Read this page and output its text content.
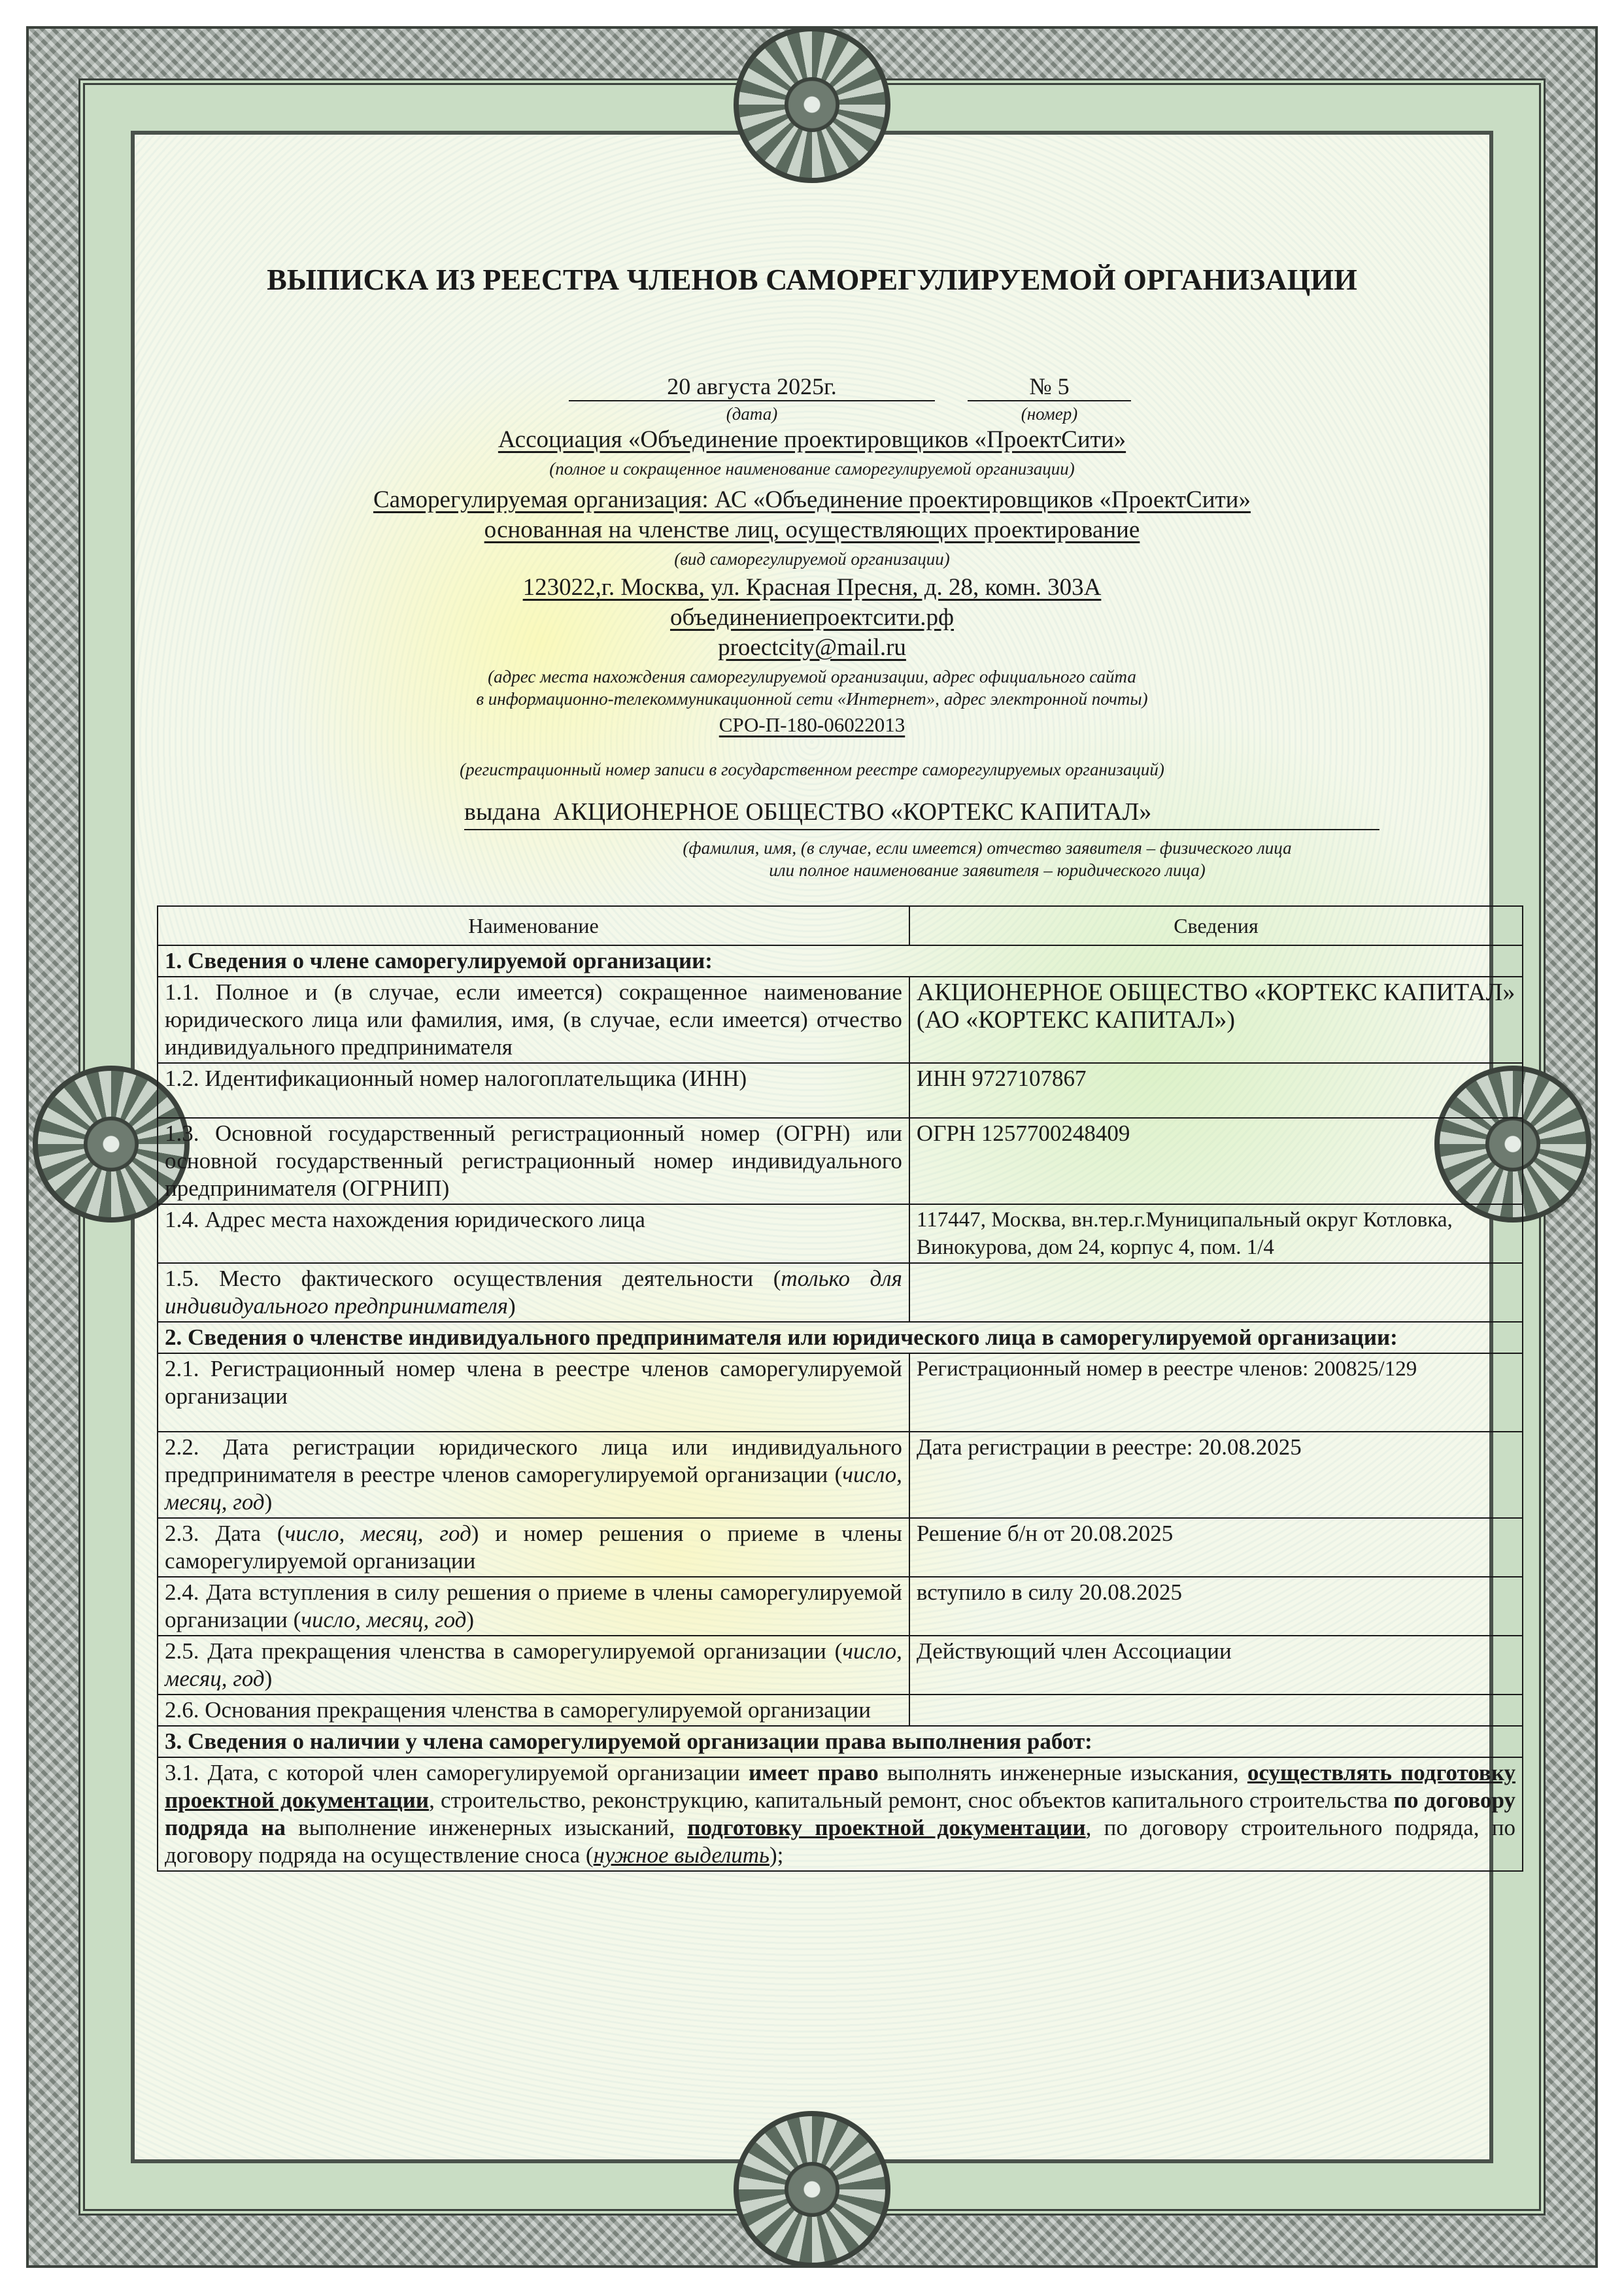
ВЫПИСКА ИЗ РЕЕСТРА ЧЛЕНОВ САМОРЕГУЛИРУЕМОЙ ОРГАНИЗАЦИИ
20 августа 2025г.	№ 5
(дата)	(номер)
Ассоциация «Объединение проектировщиков «ПроектСити»
(полное и сокращенное наименование саморегулируемой организации)
Саморегулируемая организация: АС «Объединение проектировщиков «ПроектСити»
основанная на членстве лиц, осуществляющих проектирование
(вид саморегулируемой организации)
123022,г. Москва, ул. Красная Пресня, д. 28, комн. 303А
объединениепроектсити.рф
proectcity@mail.ru
(адрес места нахождения саморегулируемой организации, адрес официального сайта
в информационно-телекоммуникационной сети «Интернет», адрес электронной почты)
СРО-П-180-06022013
(регистрационный номер записи в государственном реестре саморегулируемых организаций)
выдана АКЦИОНЕРНОЕ ОБЩЕСТВО «КОРТЕКС КАПИТАЛ»
(фамилия, имя, (в случае, если имеется) отчество заявителя – физического лица
или полное наименование заявителя – юридического лица)
Наименование	Сведения
1. Сведения о члене саморегулируемой организации:	
1.1. Полное и (в случае, если имеется) сокращенное наименование юридического лица или фамилия, имя, (в случае, если имеется) отчество индивидуального предпринимателя	АКЦИОНЕРНОЕ ОБЩЕСТВО «КОРТЕКС КАПИТАЛ» (АО «КОРТЕКС КАПИТАЛ»)
1.2. Идентификационный номер налогоплательщика (ИНН)	ИНН 9727107867
1.3. Основной государственный регистрационный номер (ОГРН) или основной государственный регистрационный номер индивидуального предпринимателя (ОГРНИП)	ОГРН 1257700248409
1.4. Адрес места нахождения юридического лица	117447, Москва, вн.тер.г.Муниципальный округ Котловка, Винокурова, дом 24, корпус 4, пом. 1/4
1.5. Место фактического осуществления деятельности (только для индивидуального предпринимателя)	
2. Сведения о членстве индивидуального предпринимателя или юридического лица в саморегулируемой организации:	
2.1. Регистрационный номер члена в реестре членов саморегулируемой организации	Регистрационный номер в реестре членов: 200825/129
2.2. Дата регистрации юридического лица или индивидуального предпринимателя в реестре членов саморегулируемой организации (число, месяц, год)	Дата регистрации в реестре: 20.08.2025
2.3. Дата (число, месяц, год) и номер решения о приеме в члены саморегулируемой организации	Решение б/н от 20.08.2025
2.4. Дата вступления в силу решения о приеме в члены саморегулируемой организации (число, месяц, год)	вступило в силу 20.08.2025
2.5. Дата прекращения членства в саморегулируемой организации (число, месяц, год)	Действующий член Ассоциации
2.6. Основания прекращения членства в саморегулируемой организации	
3. Сведения о наличии у члена саморегулируемой организации права выполнения работ:	
3.1. Дата, с которой член саморегулируемой организации имеет право выполнять инженерные изыскания, осуществлять подготовку проектной документации, строительство, реконструкцию, капитальный ремонт, снос объектов капитального строительства по договору подряда на выполнение инженерных изысканий, подготовку проектной документации, по договору строительного подряда, по договору подряда на осуществление сноса (нужное выделить);	
